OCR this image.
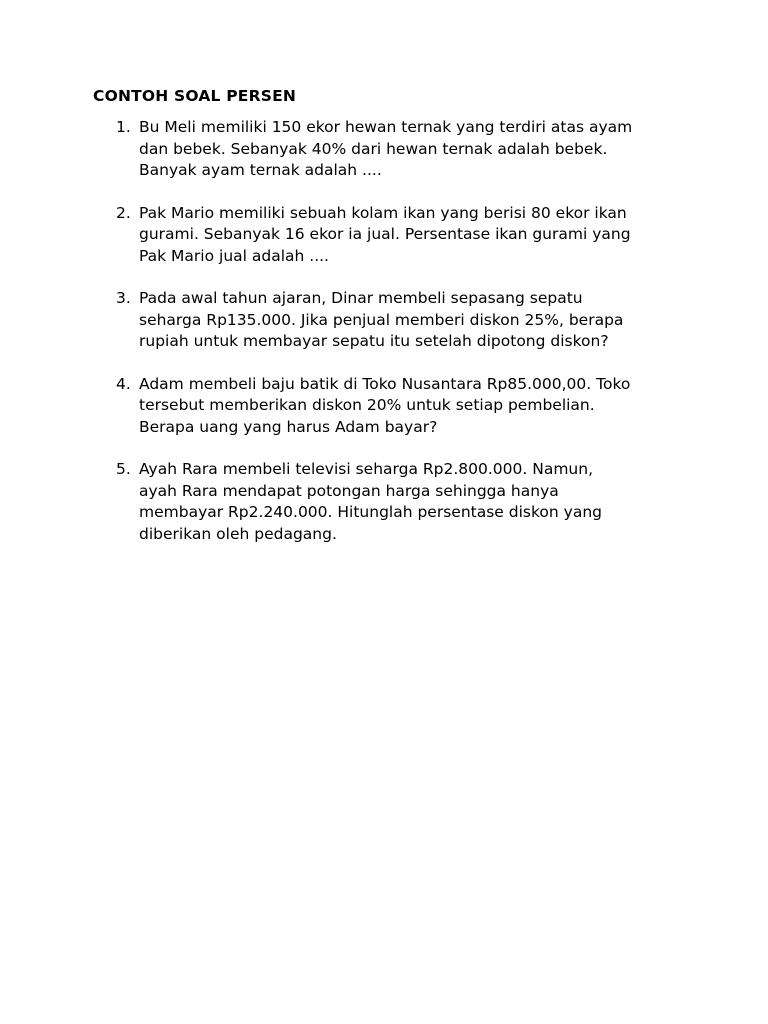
CONTOH SOAL PERSEN
1. Bu Meli memiliki 150 ekor hewan ternak yang terdiri atas ayam
dan bebek. Sebanyak 40% dari hewan ternak adalah bebek.
Banyak ayam ternak adalah ....
2. Pak Mario memiliki sebuah kolam ikan yang berisi 80 ekor ikan
gurami. Sebanyak 16 ekor ia jual. Persentase ikan gurami yang
Pak Mario jual adalah ....
3. Pada awal tahun ajaran, Dinar membeli sepasang sepatu
seharga Rp135.000. Jika penjual memberi diskon 25%, berapa
rupiah untuk membayar sepatu itu setelah dipotong diskon?
4. Adam membeli baju batik di Toko Nusantara Rp85.000,00. Toko
tersebut memberikan diskon 20% untuk setiap pembelian.
Berapa uang yang harus Adam bayar?
5. Ayah Rara membeli televisi seharga Rp2.800.000. Namun,
ayah Rara mendapat potongan harga sehingga hanya
membayar Rp2.240.000. Hitunglah persentase diskon yang
diberikan oleh pedagang.
